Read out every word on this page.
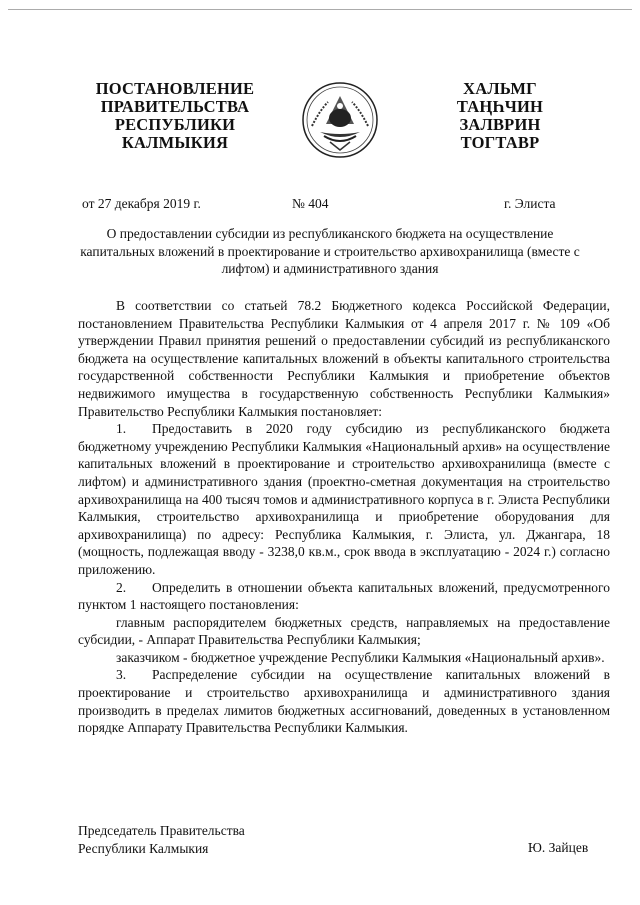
ПОСТАНОВЛЕНИЕ
ПРАВИТЕЛЬСТВА
РЕСПУБЛИКИ
КАЛМЫКИЯ
ХАЛЬМГ
ТАҢҺЧИН
ЗАЛВРИН
ТОГТАВР
от 27 декабря 2019 г.	№ 404	г. Элиста
О предоставлении субсидии из республиканского бюджета на осуществление капитальных вложений в проектирование и строительство архивохранилища (вместе с лифтом) и административного здания

В соответствии со статьей 78.2 Бюджетного кодекса Российской Федерации, постановлением Правительства Республики Калмыкия от 4 апреля 2017 г. № 109 «Об утверждении Правил принятия решений о предоставлении субсидий из республиканского бюджета на осуществление капитальных вложений в объекты капитального строительства государственной собственности Республики Калмыкия и приобретение объектов недвижимого имущества в государственную собственность Республики Калмыкия» Правительство Республики Калмыкия постановляет:

1. Предоставить в 2020 году субсидию из республиканского бюджета бюджетному учреждению Республики Калмыкия «Национальный архив» на осуществление капитальных вложений в проектирование и строительство архивохранилища (вместе с лифтом) и административного здания (проектно-сметная документация на строительство архивохранилища на 400 тысяч томов и административного корпуса в г. Элиста Республики Калмыкия, строительство архивохранилища и приобретение оборудования для архивохранилища) по адресу: Республика Калмыкия, г. Элиста, ул. Джангара, 18 (мощность, подлежащая вводу - 3238,0 кв.м., срок ввода в эксплуатацию - 2024 г.) согласно приложению.

2. Определить в отношении объекта капитальных вложений, предусмотренного пунктом 1 настоящего постановления:

главным распорядителем бюджетных средств, направляемых на предоставление субсидии, - Аппарат Правительства Республики Калмыкия;

заказчиком - бюджетное учреждение Республики Калмыкия «Национальный архив».

3. Распределение субсидии на осуществление капитальных вложений в проектирование и строительство архивохранилища и административного здания производить в пределах лимитов бюджетных ассигнований, доведенных в установленном порядке Аппарату Правительства Республики Калмыкия.

Председатель Правительства
Республики Калмыкия	Ю. Зайцев
